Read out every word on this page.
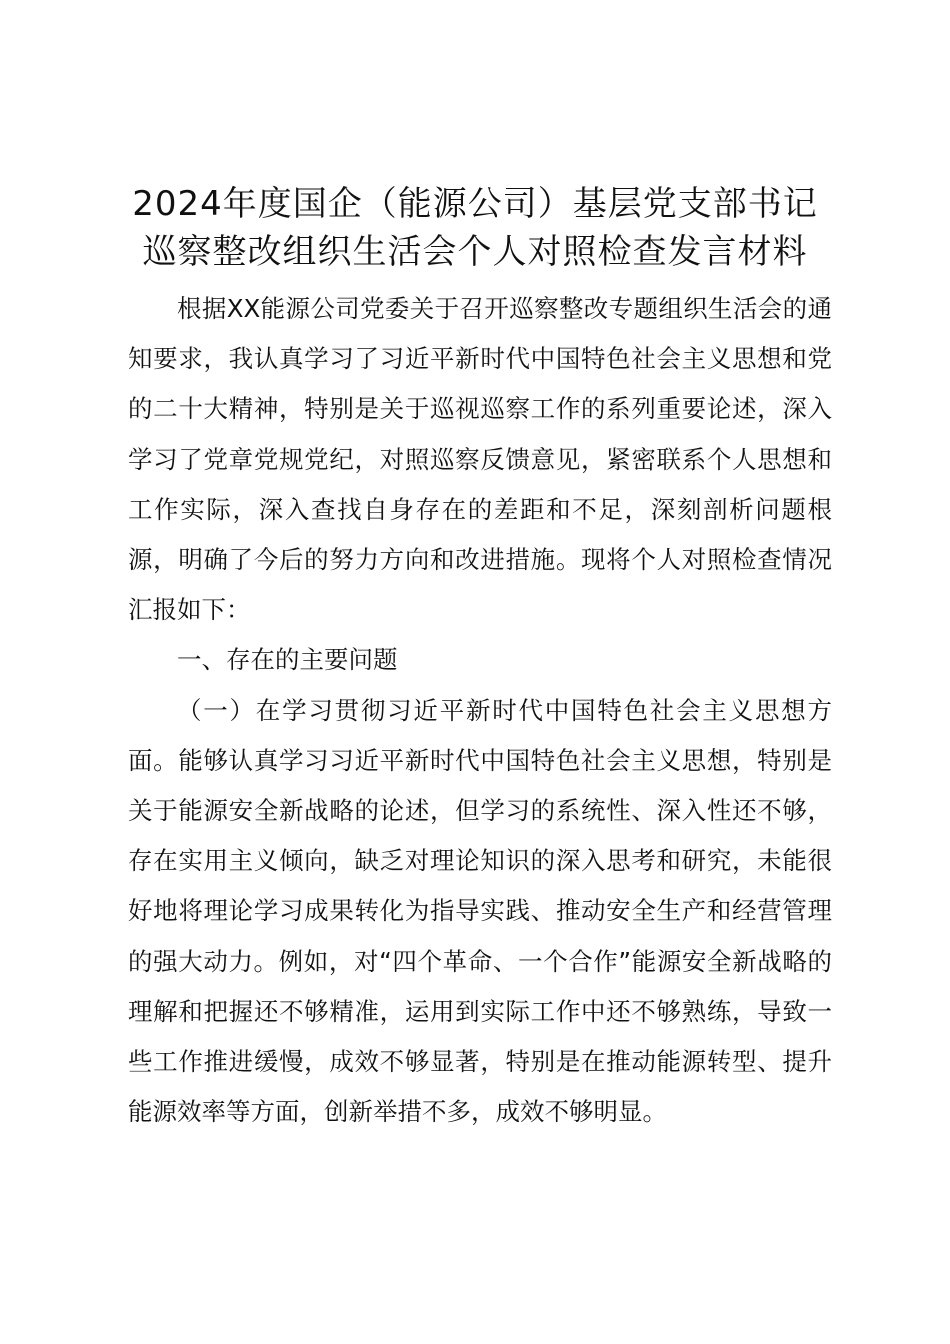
2024年度国企（能源公司）基层党支部书记
巡察整改组织生活会个人对照检查发言材料

根据XX能源公司党委关于召开巡察整改专题组织生活会的通知要求，我认真学习了习近平新时代中国特色社会主义思想和党的二十大精神，特别是关于巡视巡察工作的系列重要论述，深入学习了党章党规党纪，对照巡察反馈意见，紧密联系个人思想和工作实际，深入查找自身存在的差距和不足，深刻剖析问题根源，明确了今后的努力方向和改进措施。现将个人对照检查情况汇报如下：

一、存在的主要问题

（一）在学习贯彻习近平新时代中国特色社会主义思想方面。能够认真学习习近平新时代中国特色社会主义思想，特别是关于能源安全新战略的论述，但学习的系统性、深入性还不够，存在实用主义倾向，缺乏对理论知识的深入思考和研究，未能很好地将理论学习成果转化为指导实践、推动安全生产和经营管理的强大动力。例如，对“四个革命、一个合作”能源安全新战略的理解和把握还不够精准，运用到实际工作中还不够熟练，导致一些工作推进缓慢，成效不够显著，特别是在推动能源转型、提升能源效率等方面，创新举措不多，成效不够明显。
